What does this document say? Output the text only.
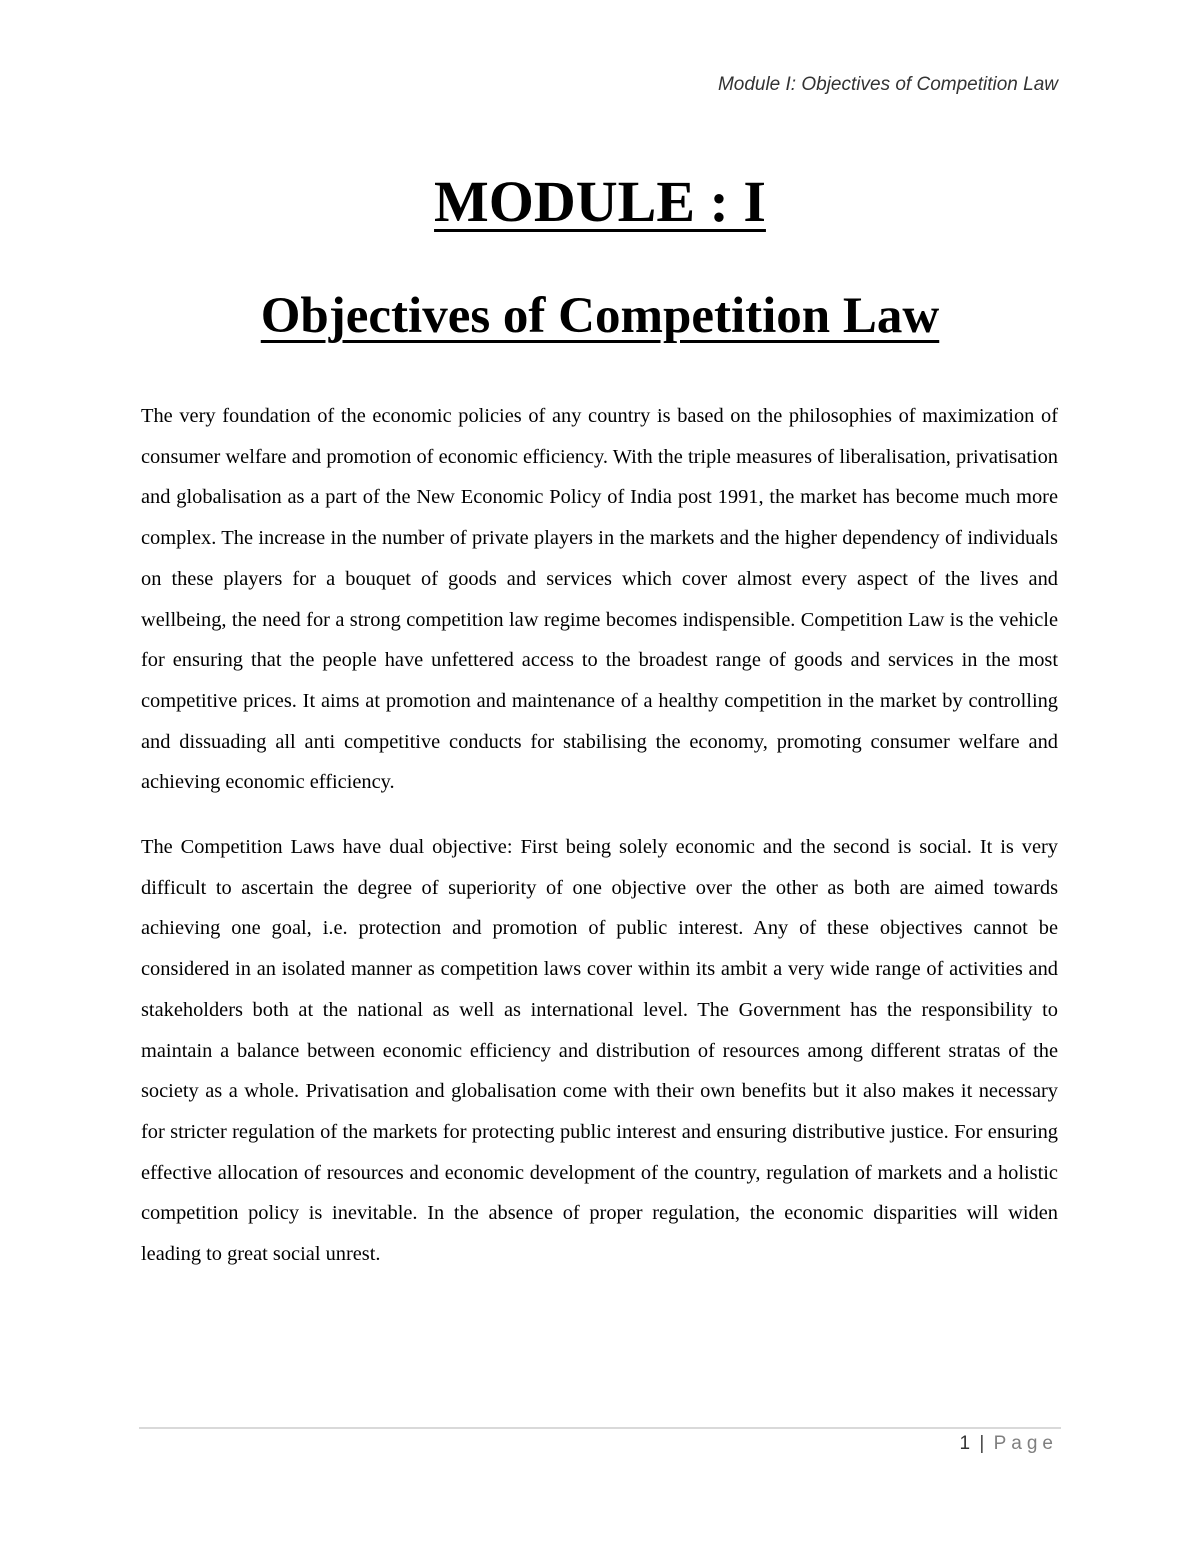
Module I: Objectives of Competition Law
MODULE : I
Objectives of Competition Law

The very foundation of the economic policies of any country is based on the philosophies of maximization of consumer welfare and promotion of economic efficiency. With the triple measures of liberalisation, privatisation and globalisation as a part of the New Economic Policy of India post 1991, the market has become much more complex. The increase in the number of private players in the markets and the higher dependency of individuals on these players for a bouquet of goods and services which cover almost every aspect of the lives and wellbeing, the need for a strong competition law regime becomes indispensible. Competition Law is the vehicle for ensuring that the people have unfettered access to the broadest range of goods and services in the most competitive prices. It aims at promotion and maintenance of a healthy competition in the market by controlling and dissuading all anti competitive conducts for stabilising the economy, promoting consumer welfare and achieving economic efficiency.

The Competition Laws have dual objective: First being solely economic and the second is social. It is very difficult to ascertain the degree of superiority of one objective over the other as both are aimed towards achieving one goal, i.e. protection and promotion of public interest. Any of these objectives cannot be considered in an isolated manner as competition laws cover within its ambit a very wide range of activities and stakeholders both at the national as well as international level. The Government has the responsibility to maintain a balance between economic efficiency and distribution of resources among different stratas of the society as a whole. Privatisation and globalisation come with their own benefits but it also makes it necessary for stricter regulation of the markets for protecting public interest and ensuring distributive justice. For ensuring effective allocation of resources and economic development of the country, regulation of markets and a holistic competition policy is inevitable. In the absence of proper regulation, the economic disparities will widen leading to great social unrest.

1 | Page
